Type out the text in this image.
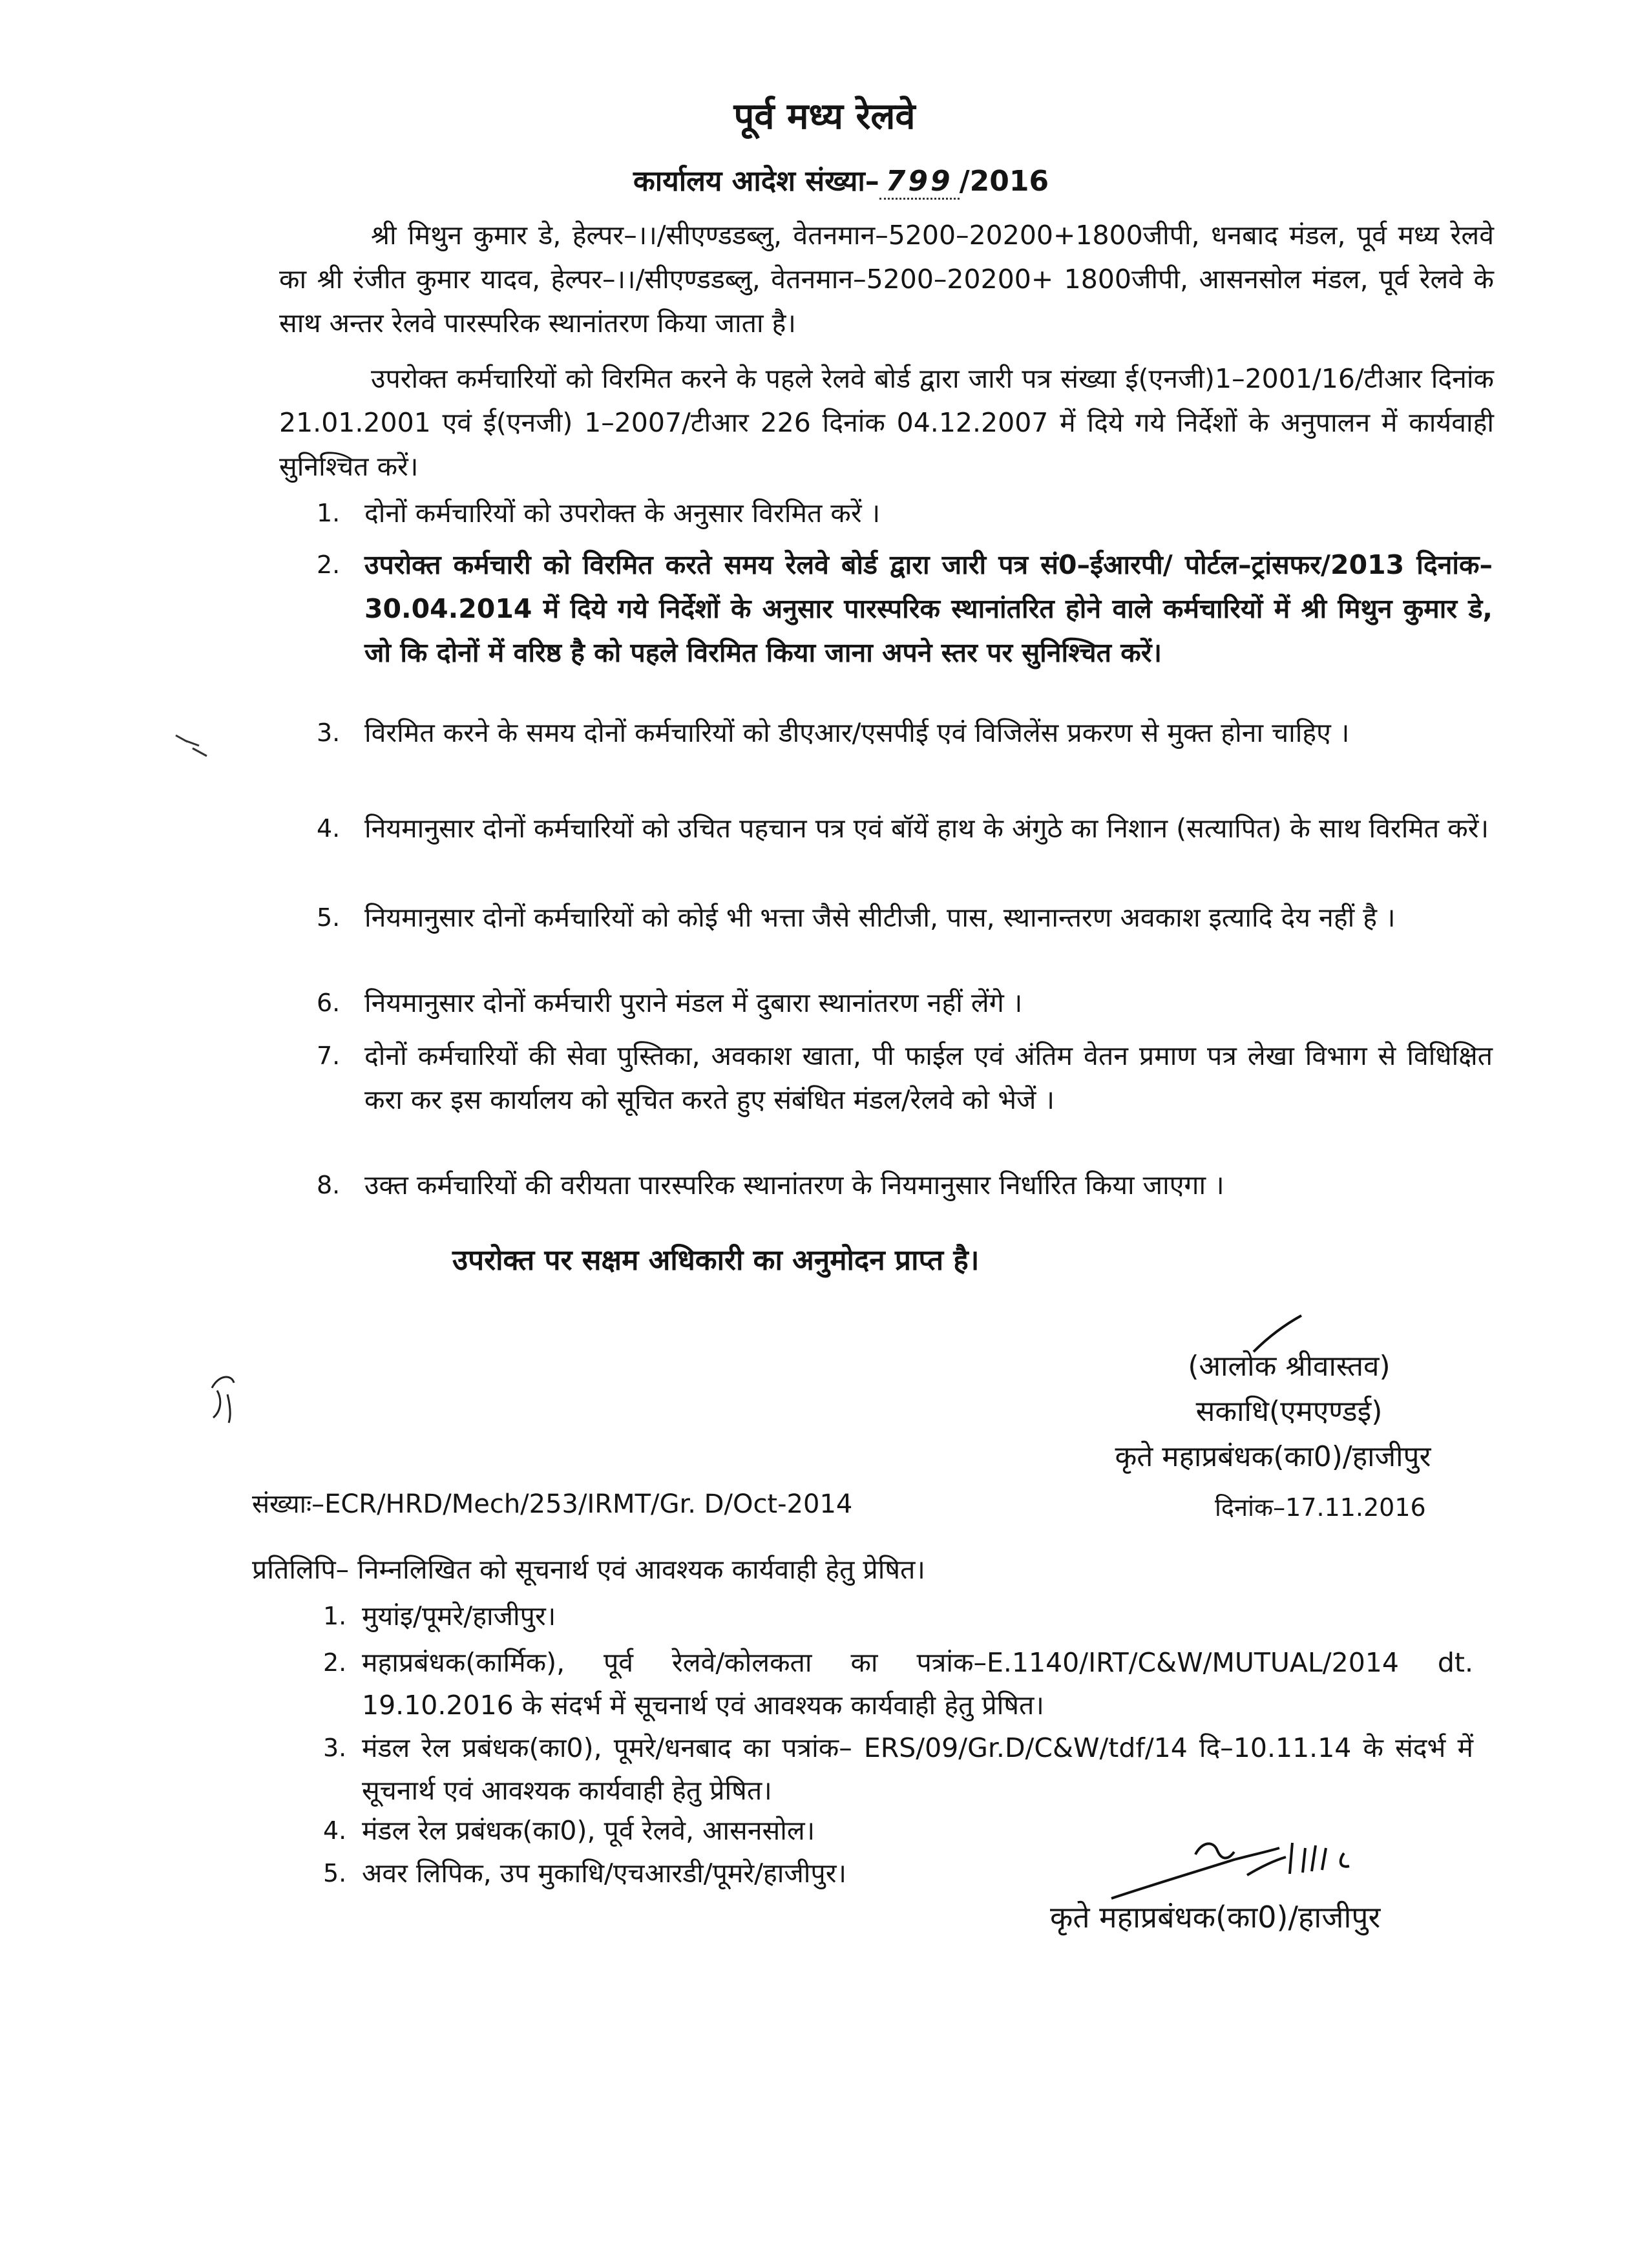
पूर्व मध्य रेलवे

कार्यालय आदेश संख्या– 799 /2016

श्री मिथुन कुमार डे, हेल्पर–।।/सीएण्डडब्लु, वेतनमान–5200–20200+1800जीपी, धनबाद मंडल, पूर्व मध्य रेलवे का श्री रंजीत कुमार यादव, हेल्पर–।।/सीएण्डडब्लु, वेतनमान–5200–20200+ 1800जीपी, आसनसोल मंडल, पूर्व रेलवे के साथ अन्तर रेलवे पारस्परिक स्थानांतरण किया जाता है।

उपरोक्त कर्मचारियों को विरमित करने के पहले रेलवे बोर्ड द्वारा जारी पत्र संख्या ई(एनजी)1–2001/16/टीआर दिनांक 21.01.2001 एवं ई(एनजी) 1–2007/टीआर 226 दिनांक 04.12.2007 में दिये गये निर्देशों के अनुपालन में कार्यवाही सुनिश्चित करें।

1. दोनों कर्मचारियों को उपरोक्त के अनुसार विरमित करें ।
2. उपरोक्त कर्मचारी को विरमित करते समय रेलवे बोर्ड द्वारा जारी पत्र सं0–ईआरपी/ पोर्टल–ट्रांसफर/2013 दिनांक–30.04.2014 में दिये गये निर्देशों के अनुसार पारस्परिक स्थानांतरित होने वाले कर्मचारियों में श्री मिथुन कुमार डे, जो कि दोनों में वरिष्ठ है को पहले विरमित किया जाना अपने स्तर पर सुनिश्चित करें।
3. विरमित करने के समय दोनों कर्मचारियों को डीएआर/एसपीई एवं विजिलेंस प्रकरण से मुक्त होना चाहिए ।
4. नियमानुसार दोनों कर्मचारियों को उचित पहचान पत्र एवं बॉयें हाथ के अंगुठे का निशान (सत्यापित) के साथ विरमित करें।
5. नियमानुसार दोनों कर्मचारियों को कोई भी भत्ता जैसे सीटीजी, पास, स्थानान्तरण अवकाश इत्यादि देय नहीं है ।
6. नियमानुसार दोनों कर्मचारी पुराने मंडल में दुबारा स्थानांतरण नहीं लेंगे ।
7. दोनों कर्मचारियों की सेवा पुस्तिका, अवकाश खाता, पी फाईल एवं अंतिम वेतन प्रमाण पत्र लेखा विभाग से विधिक्षित करा कर इस कार्यालय को सूचित करते हुए संबंधित मंडल/रेलवे को भेजें ।
8. उक्त कर्मचारियों की वरीयता पारस्परिक स्थानांतरण के नियमानुसार निर्धारित किया जाएगा ।

उपरोक्त पर सक्षम अधिकारी का अनुमोदन प्राप्त है।

(आलोक श्रीवास्तव)
सकाधि(एमएण्डई)
कृते महाप्रबंधक(का0)/हाजीपुर

संख्याः–ECR/HRD/Mech/253/IRMT/Gr. D/Oct-2014	दिनांक–17.11.2016

प्रतिलिपि– निम्नलिखित को सूचनार्थ एवं आवश्यक कार्यवाही हेतु प्रेषित।

1. मुयांइ/पूमरे/हाजीपुर।
2. महाप्रबंधक(कार्मिक), पूर्व रेलवे/कोलकता का पत्रांक–E.1140/IRT/C&W/MUTUAL/2014 dt. 19.10.2016 के संदर्भ में सूचनार्थ एवं आवश्यक कार्यवाही हेतु प्रेषित।
3. मंडल रेल प्रबंधक(का0), पूमरे/धनबाद का पत्रांक– ERS/09/Gr.D/C&W/tdf/14 दि–10.11.14 के संदर्भ में सूचनार्थ एवं आवश्यक कार्यवाही हेतु प्रेषित।
4. मंडल रेल प्रबंधक(का0), पूर्व रेलवे, आसनसोल।
5. अवर लिपिक, उप मुकाधि/एचआरडी/पूमरे/हाजीपुर।

कृते महाप्रबंधक(का0)/हाजीपुर
